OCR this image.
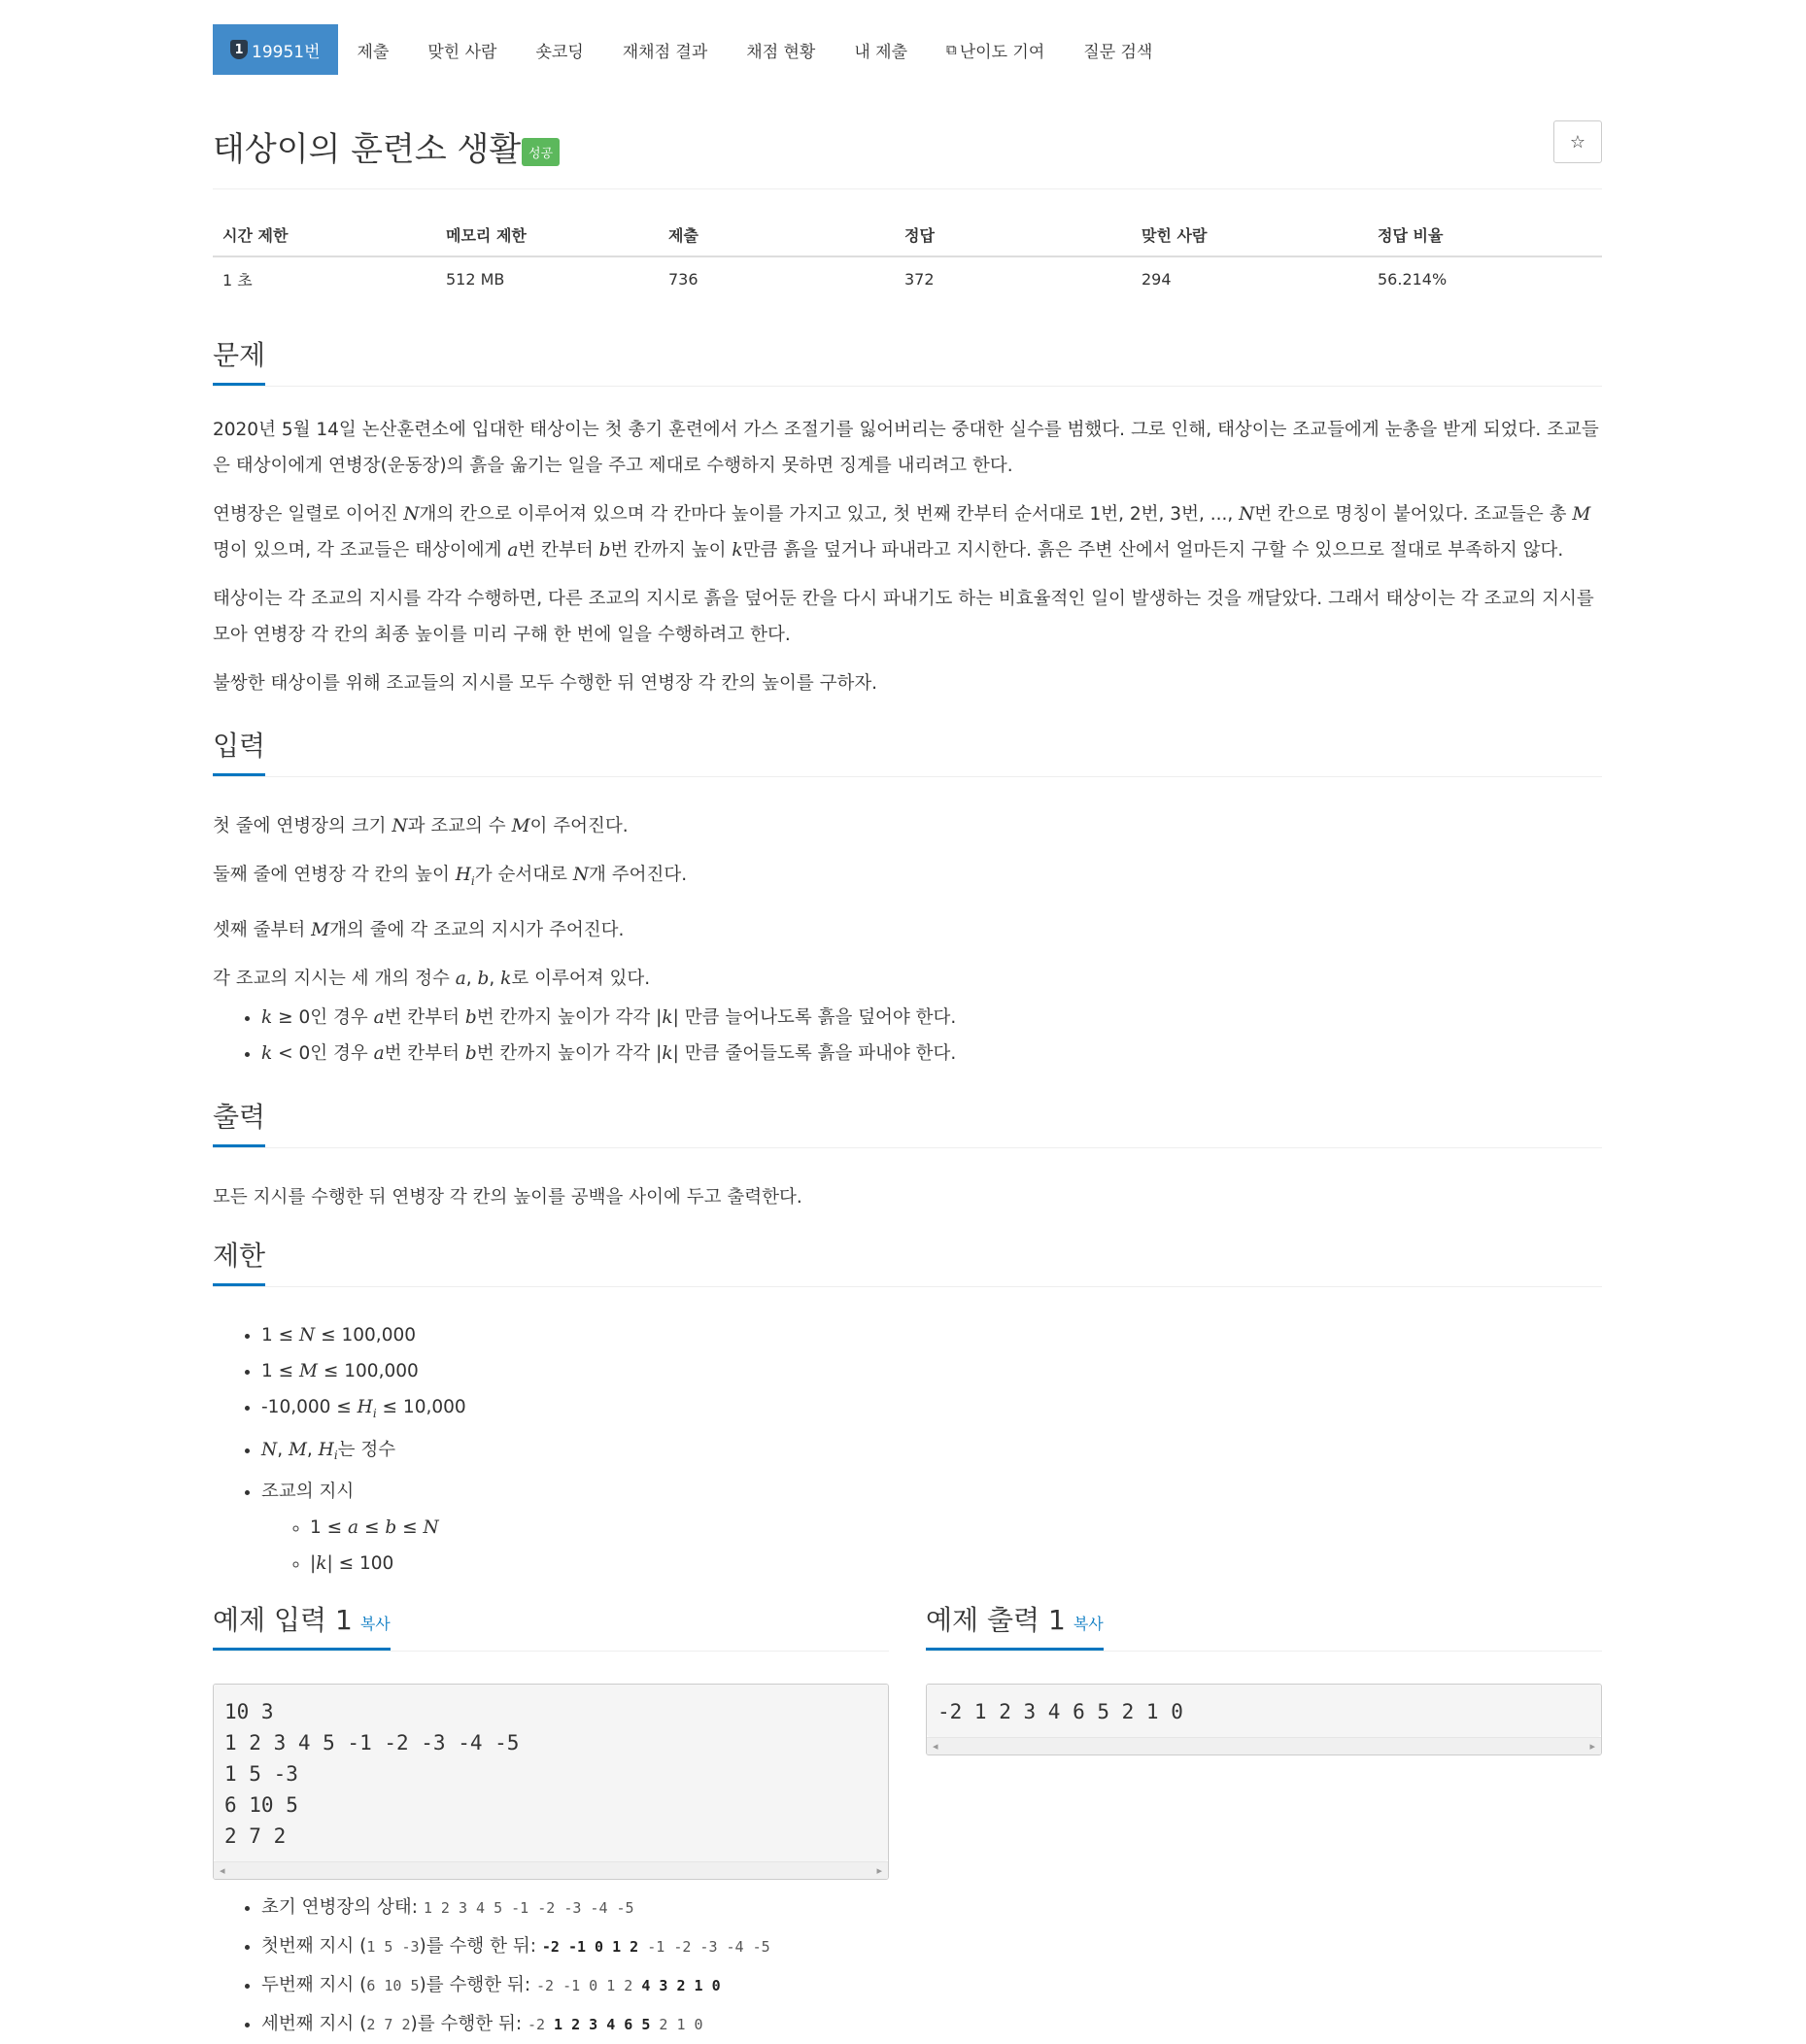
1 19951번	제출	맞힌 사람	숏코딩	재채점 결과	채점 현황	내 제출	⧉ 난이도 기여	질문 검색
태상이의 훈련소 생활 성공
☆
시간 제한	메모리 제한	제출	정답	맞힌 사람	정답 비율
1 초	512 MB	736	372	294	56.214%
문제

2020년 5월 14일 논산훈련소에 입대한 태상이는 첫 총기 훈련에서 가스 조절기를 잃어버리는 중대한 실수를 범했다. 그로 인해, 태상이는 조교들에게 눈총을 받게 되었다. 조교들은 태상이에게 연병장(운동장)의 흙을 옮기는 일을 주고 제대로 수행하지 못하면 징계를 내리려고 한다.

연병장은 일렬로 이어진 N개의 칸으로 이루어져 있으며 각 칸마다 높이를 가지고 있고, 첫 번째 칸부터 순서대로 1번, 2번, 3번, ..., N번 칸으로 명칭이 붙어있다. 조교들은 총 M 명이 있으며, 각 조교들은 태상이에게 a번 칸부터 b번 칸까지 높이 k만큼 흙을 덮거나 파내라고 지시한다. 흙은 주변 산에서 얼마든지 구할 수 있으므로 절대로 부족하지 않다.

태상이는 각 조교의 지시를 각각 수행하면, 다른 조교의 지시로 흙을 덮어둔 칸을 다시 파내기도 하는 비효율적인 일이 발생하는 것을 깨달았다. 그래서 태상이는 각 조교의 지시를 모아 연병장 각 칸의 최종 높이를 미리 구해 한 번에 일을 수행하려고 한다.

불쌍한 태상이를 위해 조교들의 지시를 모두 수행한 뒤 연병장 각 칸의 높이를 구하자.

입력

첫 줄에 연병장의 크기 N과 조교의 수 M이 주어진다.

둘째 줄에 연병장 각 칸의 높이 $H_i$가 순서대로 N개 주어진다.

셋째 줄부터 M개의 줄에 각 조교의 지시가 주어진다.

각 조교의 지시는 세 개의 정수 a, b, k로 이루어져 있다.

• k ≥ 0인 경우 a번 칸부터 b번 칸까지 높이가 각각 |k| 만큼 늘어나도록 흙을 덮어야 한다.
• k < 0인 경우 a번 칸부터 b번 칸까지 높이가 각각 |k| 만큼 줄어들도록 흙을 파내야 한다.
출력

모든 지시를 수행한 뒤 연병장 각 칸의 높이를 공백을 사이에 두고 출력한다.

제한
• 1 ≤ N ≤ 100,000
• 1 ≤ M ≤ 100,000
• $-10,000 \le H_i \le 10,000$
• N, M, $H_i$는 정수
• 조교의 지시
◦ 1 ≤ a ≤ b ≤ N
◦ |k| ≤ 100
예제 입력 1 복사
10 3
1 2 3 4 5 -1 -2 -3 -4 -5
1 5 -3
6 10 5
2 7 2
◂	▸
예제 출력 1 복사
-2 1 2 3 4 6 5 2 1 0
◂	▸
• 초기 연병장의 상태: 1 2 3 4 5 -1 -2 -3 -4 -5
• 첫번째 지시 (1 5 -3)를 수행 한 뒤: -2 -1 0 1 2 -1 -2 -3 -4 -5
• 두번째 지시 (6 10 5)를 수행한 뒤: -2 -1 0 1 2 4 3 2 1 0
• 세번째 지시 (2 7 2)를 수행한 뒤: -2 1 2 3 4 6 5 2 1 0
